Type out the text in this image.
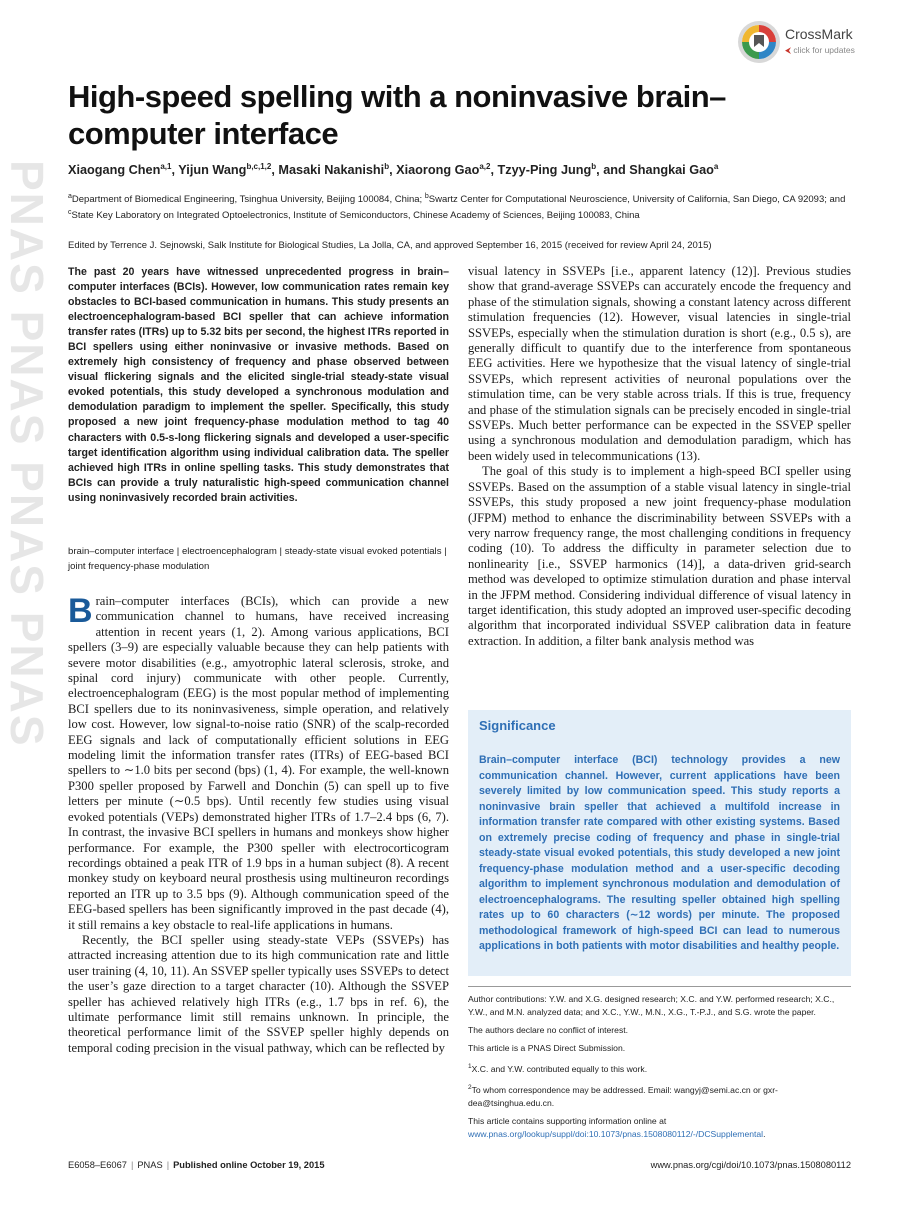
PNAS PNAS PNAS PNAS
CrossMark
⮜ click for updates
High-speed spelling with a noninvasive brain–computer interface
Xiaogang Chen$^{a,1}$, Yijun Wang$^{b,c,1,2}$, Masaki Nakanishi$^b$, Xiaorong Gao$^{a,2}$, Tzyy-Ping Jung$^b$, and Shangkai Gao$^a$
$^a$Department of Biomedical Engineering, Tsinghua University, Beijing 100084, China; $^b$Swartz Center for Computational Neuroscience, University of California, San Diego, CA 92093; and $^c$State Key Laboratory on Integrated Optoelectronics, Institute of Semiconductors, Chinese Academy of Sciences, Beijing 100083, China
Edited by Terrence J. Sejnowski, Salk Institute for Biological Studies, La Jolla, CA, and approved September 16, 2015 (received for review April 24, 2015)
The past 20 years have witnessed unprecedented progress in brain–computer interfaces (BCIs). However, low communication rates remain key obstacles to BCI-based communication in humans. This study presents an electroencephalogram-based BCI speller that can achieve information transfer rates (ITRs) up to 5.32 bits per second, the highest ITRs reported in BCI spellers using either noninvasive or invasive methods. Based on extremely high consistency of frequency and phase observed between visual flickering signals and the elicited single-trial steady-state visual evoked potentials, this study developed a synchronous modulation and demodulation paradigm to implement the speller. Specifically, this study proposed a new joint frequency-phase modulation method to tag 40 characters with 0.5-s-long flickering signals and developed a user-specific target identification algorithm using individual calibration data. The speller achieved high ITRs in online spelling tasks. This study demonstrates that BCIs can provide a truly naturalistic high-speed communication channel using noninvasively recorded brain activities.
brain–computer interface | electroencephalogram | steady-state visual evoked potentials | joint frequency-phase modulation

Brain–computer interfaces (BCIs), which can provide a new communication channel to humans, have received increasing attention in recent years (1, 2). Among various applications, BCI spellers (3–9) are especially valuable because they can help patients with severe motor disabilities (e.g., amyotrophic lateral sclerosis, stroke, and spinal cord injury) communicate with other people. Currently, electroencephalogram (EEG) is the most popular method of implementing BCI spellers due to its noninvasiveness, simple operation, and relatively low cost. However, low signal-to-noise ratio (SNR) of the scalp-recorded EEG signals and lack of computationally efficient solutions in EEG modeling limit the information transfer rates (ITRs) of EEG-based BCI spellers to ∼1.0 bits per second (bps) (1, 4). For example, the well-known P300 speller proposed by Farwell and Donchin (5) can spell up to five letters per minute (∼0.5 bps). Until recently few studies using visual evoked potentials (VEPs) demonstrated higher ITRs of 1.7–2.4 bps (6, 7). In contrast, the invasive BCI spellers in humans and monkeys show higher performance. For example, the P300 speller with electrocorticogram recordings obtained a peak ITR of 1.9 bps in a human subject (8). A recent monkey study on keyboard neural prosthesis using multineuron recordings reported an ITR up to 3.5 bps (9). Although communication speed of the EEG-based spellers has been significantly improved in the past decade (4), it still remains a key obstacle to real-life applications in humans.

Recently, the BCI speller using steady-state VEPs (SSVEPs) has attracted increasing attention due to its high communication rate and little user training (4, 10, 11). An SSVEP speller typically uses SSVEPs to detect the user’s gaze direction to a target character (10). Although the SSVEP speller has achieved relatively high ITRs (e.g., 1.7 bps in ref. 6), the ultimate performance limit still remains unknown. In principle, the theoretical performance limit of the SSVEP speller highly depends on temporal coding precision in the visual pathway, which can be reflected by

visual latency in SSVEPs [i.e., apparent latency (12)]. Previous studies show that grand-average SSVEPs can accurately encode the frequency and phase of the stimulation signals, showing a constant latency across different stimulation frequencies (12). However, visual latencies in single-trial SSVEPs, especially when the stimulation duration is short (e.g., 0.5 s), are generally difficult to quantify due to the interference from spontaneous EEG activities. Here we hypothesize that the visual latency of single-trial SSVEPs, which represent activities of neuronal populations over the stimulation time, can be very stable across trials. If this is true, frequency and phase of the stimulation signals can be precisely encoded in single-trial SSVEPs. Much better performance can be expected in the SSVEP speller using a synchronous modulation and demodulation paradigm, which has been widely used in telecommunications (13).

The goal of this study is to implement a high-speed BCI speller using SSVEPs. Based on the assumption of a stable visual latency in single-trial SSVEPs, this study proposed a new joint frequency-phase modulation (JFPM) method to enhance the discriminability between SSVEPs with a very narrow frequency range, the most challenging conditions in frequency coding (10). To address the difficulty in parameter selection due to nonlinearity [i.e., SSVEP harmonics (14)], a data-driven grid-search method was developed to optimize stimulation duration and phase interval in the JFPM method. Considering individual difference of visual latency in target identification, this study adopted an improved user-specific decoding algorithm that incorporated individual SSVEP calibration data in feature extraction. In addition, a filter bank analysis method was

Significance
Brain–computer interface (BCI) technology provides a new communication channel. However, current applications have been severely limited by low communication speed. This study reports a noninvasive brain speller that achieved a multifold increase in information transfer rate compared with other existing systems. Based on extremely precise coding of frequency and phase in single-trial steady-state visual evoked potentials, this study developed a new joint frequency-phase modulation method and a user-specific decoding algorithm to implement synchronous modulation and demodulation of electroencephalograms. The resulting speller obtained high spelling rates up to 60 characters (∼12 words) per minute. The proposed methodological framework of high-speed BCI can lead to numerous applications in both patients with motor disabilities and healthy people.

Author contributions: Y.W. and X.G. designed research; X.C. and Y.W. performed research; X.C., Y.W., and M.N. analyzed data; and X.C., Y.W., M.N., X.G., T.-P.J., and S.G. wrote the paper.

The authors declare no conflict of interest.

This article is a PNAS Direct Submission.

$^1$X.C. and Y.W. contributed equally to this work.

$^2$To whom correspondence may be addressed. Email: wangyj@semi.ac.cn or gxr-dea@tsinghua.edu.cn.

This article contains supporting information online at www.pnas.org/lookup/suppl/doi:10.1073/pnas.1508080112/-/DCSupplemental.

E6058–E6067 | PNAS | Published online October 19, 2015	www.pnas.org/cgi/doi/10.1073/pnas.1508080112
